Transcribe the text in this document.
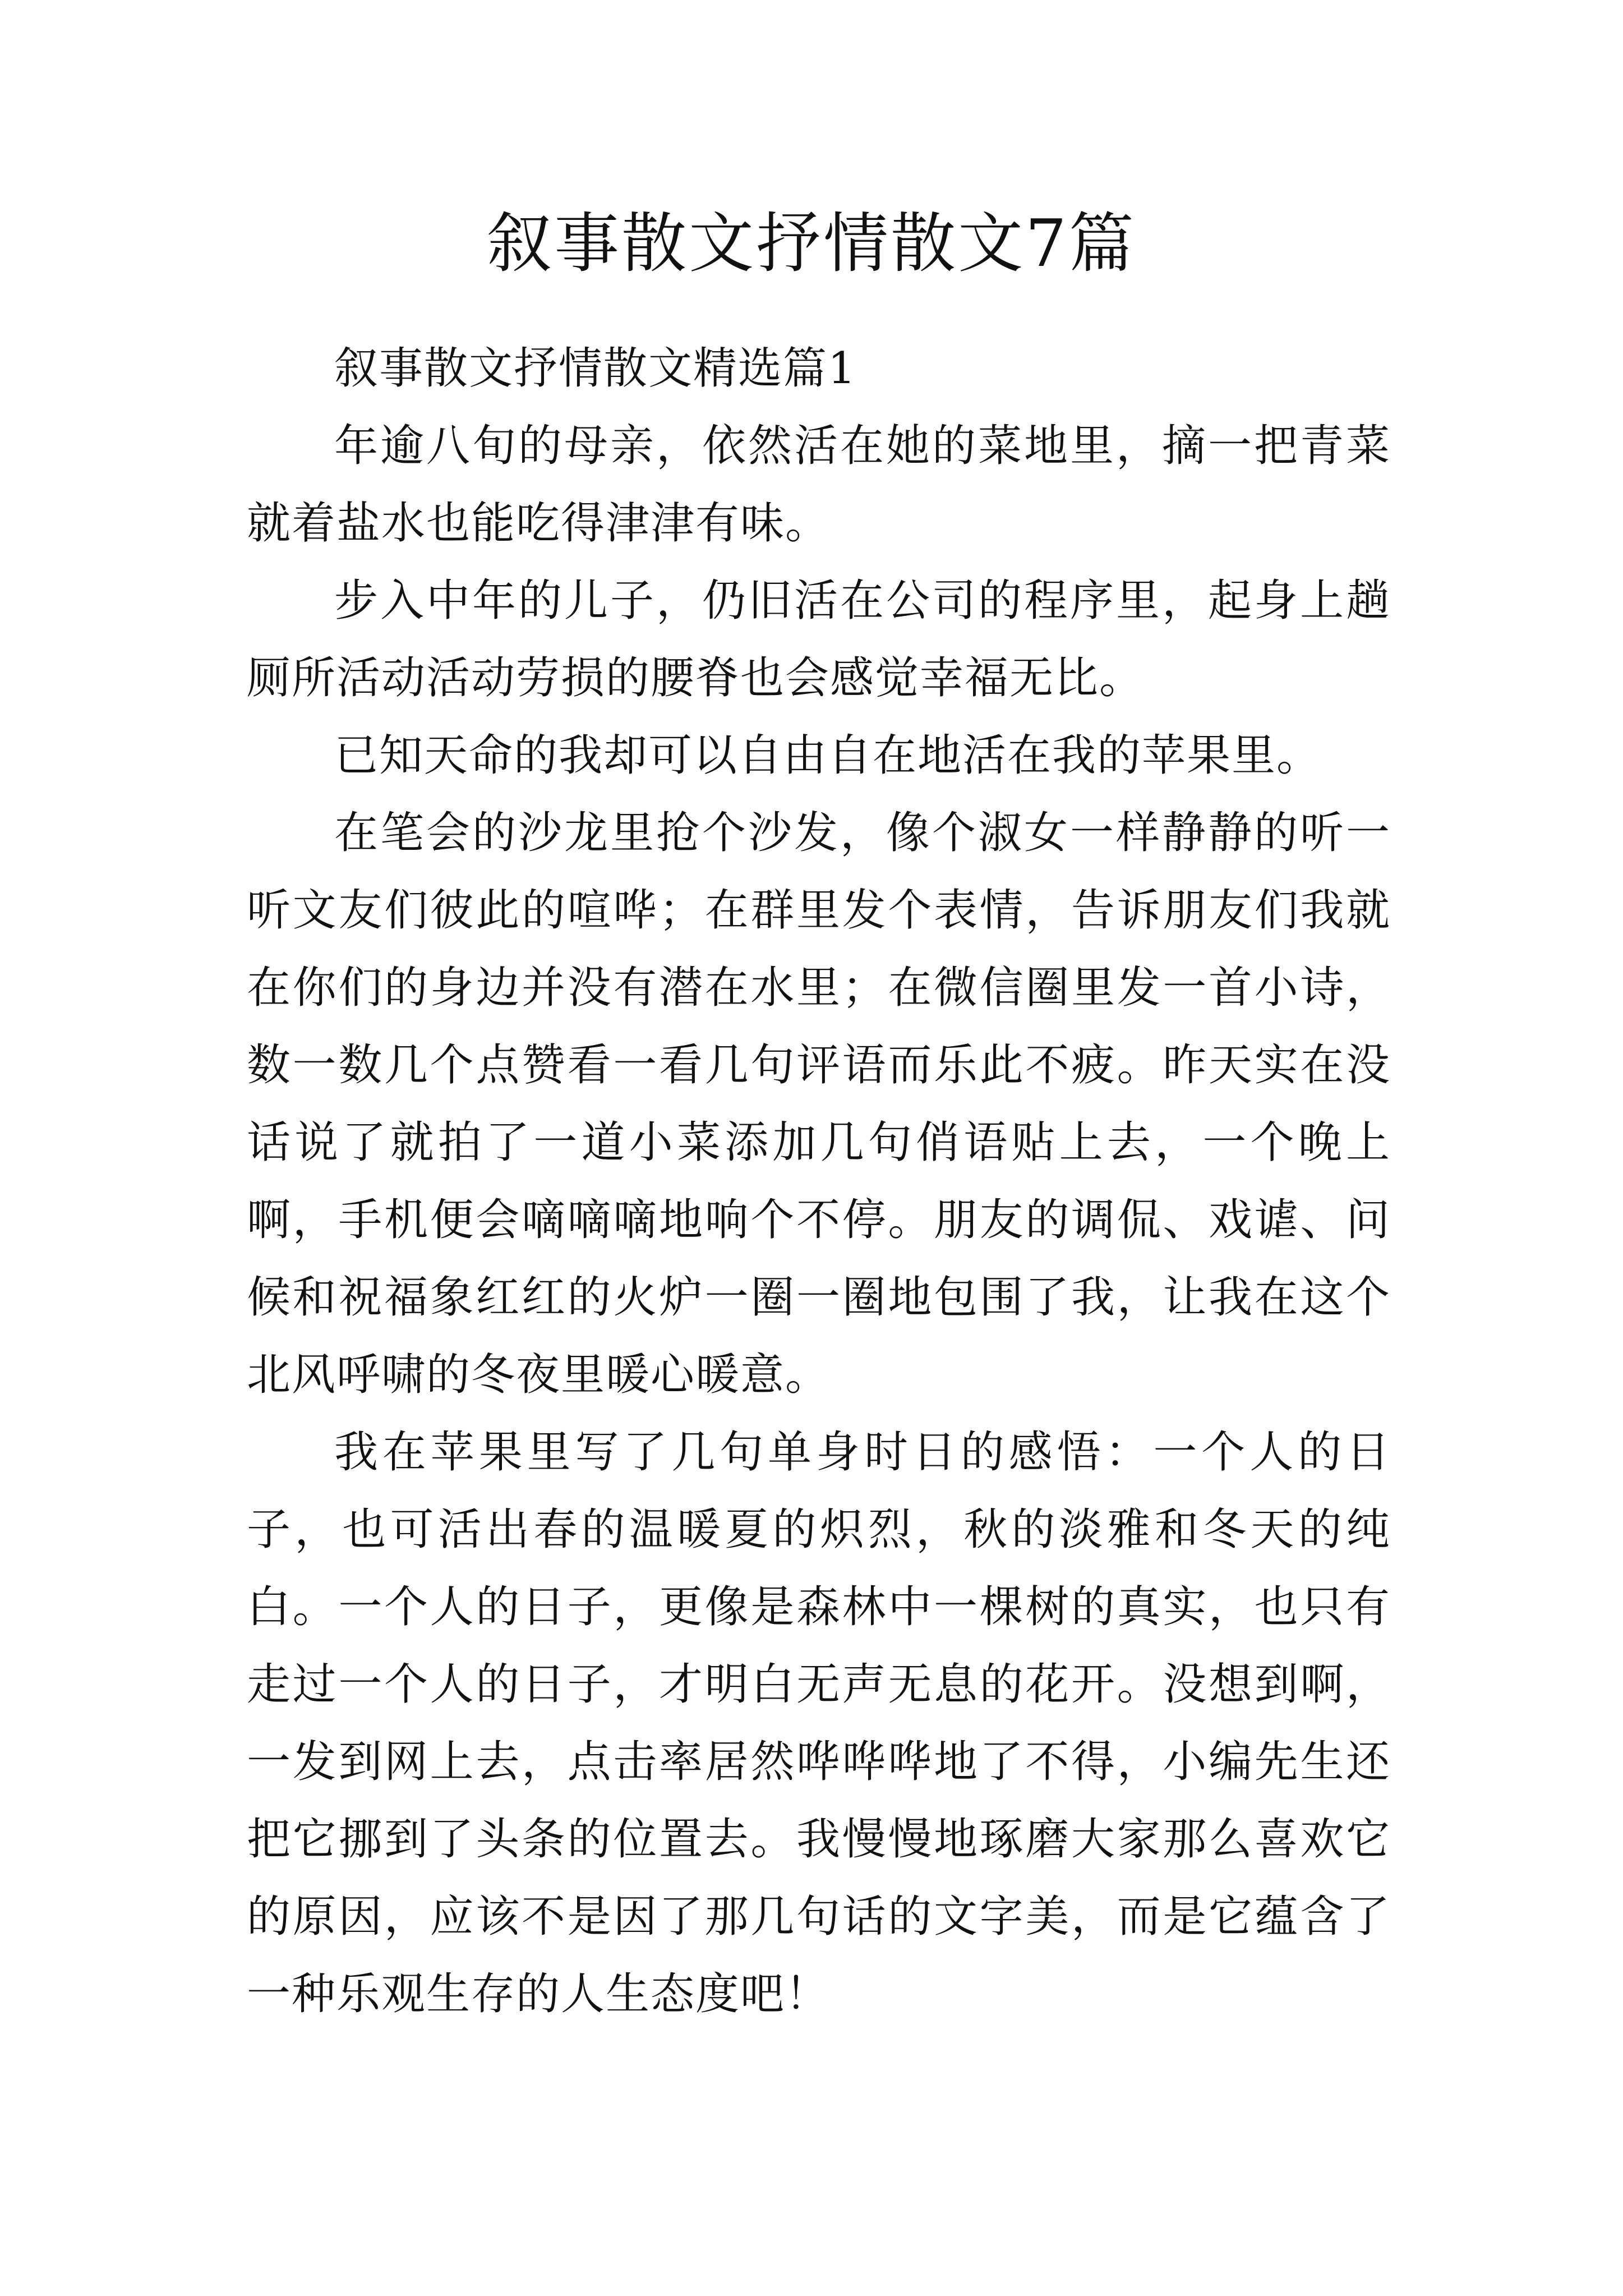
叙事散文抒情散文7篇

叙事散文抒情散文精选篇1

年逾八旬的母亲，依然活在她的菜地里，摘一把青菜就着盐水也能吃得津津有味。

步入中年的儿子，仍旧活在公司的程序里，起身上趟厕所活动活动劳损的腰脊也会感觉幸福无比。

已知天命的我却可以自由自在地活在我的苹果里。

在笔会的沙龙里抢个沙发，像个淑女一样静静的听一听文友们彼此的喧哗；在群里发个表情，告诉朋友们我就在你们的身边并没有潜在水里；在微信圈里发一首小诗，数一数几个点赞看一看几句评语而乐此不疲。昨天实在没话说了就拍了一道小菜添加几句俏语贴上去，一个晚上啊，手机便会嘀嘀嘀地响个不停。朋友的调侃、戏谑、问候和祝福象红红的火炉一圈一圈地包围了我，让我在这个北风呼啸的冬夜里暖心暖意。

我在苹果里写了几句单身时日的感悟：一个人的日子，也可活出春的温暖夏的炽烈，秋的淡雅和冬天的纯白。一个人的日子，更像是森林中一棵树的真实，也只有走过一个人的日子，才明白无声无息的花开。没想到啊，一发到网上去，点击率居然哗哗哗地了不得，小编先生还把它挪到了头条的位置去。我慢慢地琢磨大家那么喜欢它的原因，应该不是因了那几句话的文字美，而是它蕴含了一种乐观生存的人生态度吧！
